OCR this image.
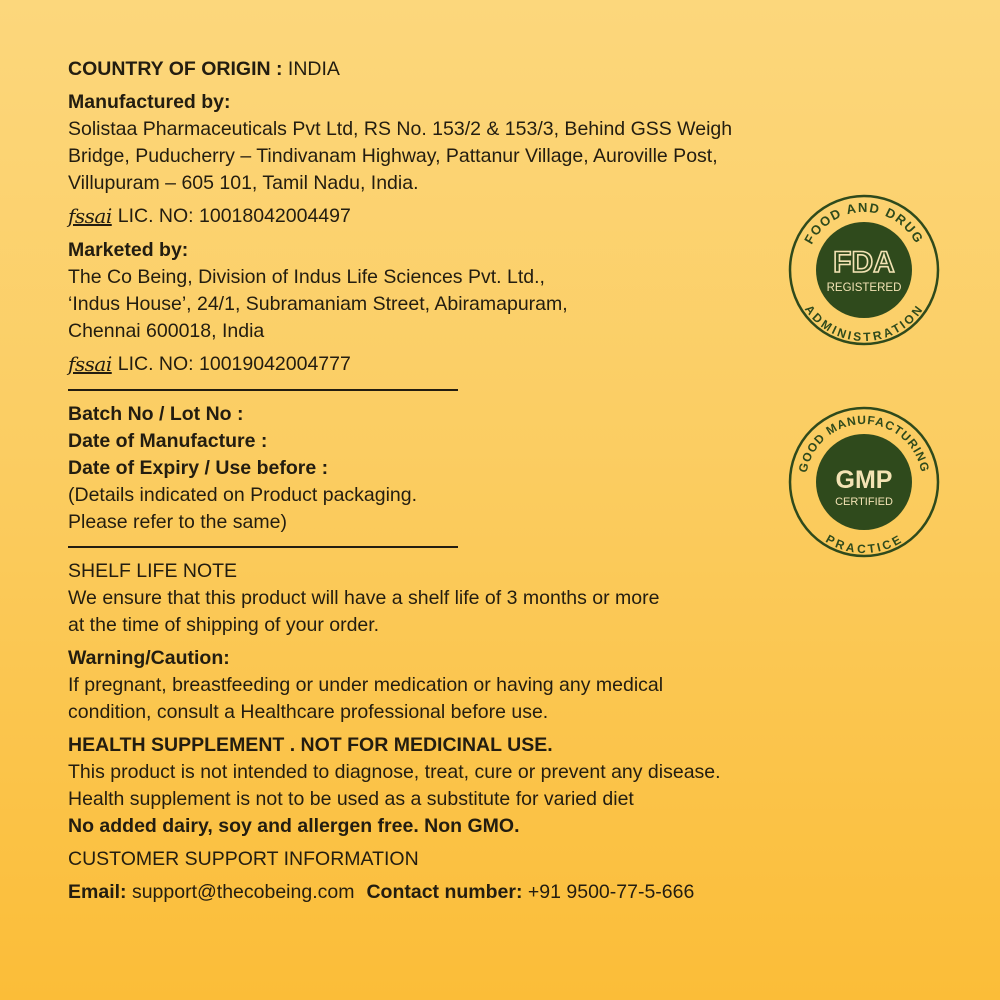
COUNTRY OF ORIGIN : INDIA
Manufactured by:
Solistaa Pharmaceuticals Pvt Ltd, RS No. 153/2 & 153/3, Behind GSS Weigh
Bridge, Puducherry – Tindivanam Highway, Pattanur Village, Auroville Post,
Villupuram – 605 101, Tamil Nadu, India.
fssai LIC. NO: 10018042004497
Marketed by:
The Co Being, Division of Indus Life Sciences Pvt. Ltd.,
‘Indus House’, 24/1, Subramaniam Street, Abiramapuram,
Chennai 600018, India
fssai LIC. NO: 10019042004777
Batch No / Lot No :
Date of Manufacture :
Date of Expiry / Use before :
(Details indicated on Product packaging.
Please refer to the same)
SHELF LIFE NOTE
We ensure that this product will have a shelf life of 3 months or more
at the time of shipping of your order.
Warning/Caution:
If pregnant, breastfeeding or under medication or having any medical
condition, consult a Healthcare professional before use.
HEALTH SUPPLEMENT . NOT FOR MEDICINAL USE.
This product is not intended to diagnose, treat, cure or prevent any disease.
Health supplement is not to be used as a substitute for varied diet
No added dairy, soy and allergen free. Non GMO.
CUSTOMER SUPPORT INFORMATION
Email:
support@thecobeing.com Contact number:
+91 9500-77-5-666
FOOD AND DRUG
ADMINISTRATION
FDA
REGISTERED
GOOD MANUFACTURING
PRACTICE
GMP
CERTIFIED
